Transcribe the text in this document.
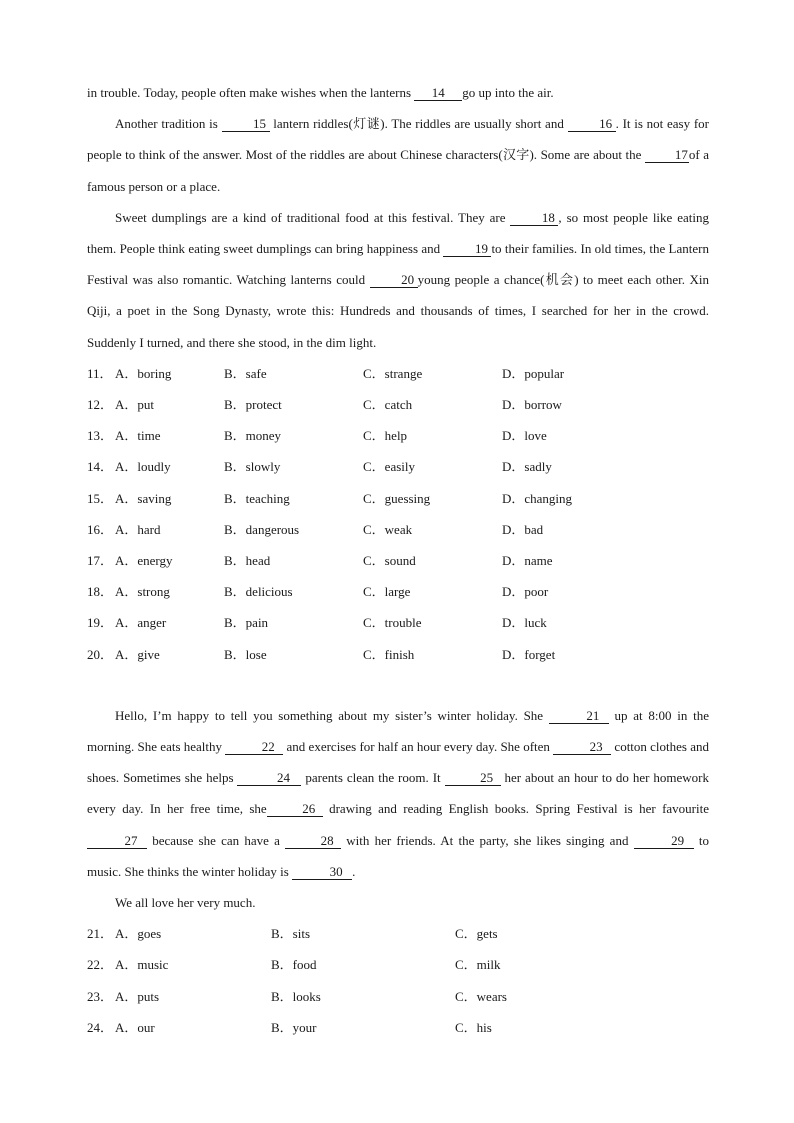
in trouble. Today, people often make wishes when the lanterns 14 go up into the air.

Another tradition is 15 lantern riddles(灯谜). The riddles are usually short and 16 . It is not easy for people to think of the answer. Most of the riddles are about Chinese characters(汉字). Some are about the 17of a famous person or a place.

Sweet dumplings are a kind of traditional food at this festival. They are 18 , so most people like eating them. People think eating sweet dumplings can bring happiness and 19 to their families. In old times, the Lantern Festival was also romantic. Watching lanterns could 20 young people a chance(机会) to meet each other. Xin Qiji, a poet in the Song Dynasty, wrote this: Hundreds and thousands of times, I searched for her in the crowd. Suddenly I turned, and there she stood, in the dim light.

11． A．boring	B．safe	C．strange	D．popular
12． A．put	B．protect	C．catch	D．borrow
13． A．time	B．money	C．help	D．love
14． A．loudly	B．slowly	C．easily	D．sadly
15． A．saving	B．teaching	C．guessing	D．changing
16． A．hard	B．dangerous	C．weak	D．bad
17． A．energy	B．head	C．sound	D．name
18． A．strong	B．delicious	C．large	D．poor
19． A．anger	B．pain	C．trouble	D．luck
20． A．give	B．lose	C．finish	D．forget

Hello, I’m happy to tell you something about my sister’s winter holiday. She	21 up at 8:00 in the morning. She eats healthy	22 and exercises for half an hour every day. She often	23 cotton clothes and shoes. Sometimes she helps	24 parents clean the room. It	25 her about an hour to do her homework every day. In her free time, she	26 drawing and reading English books. Spring Festival is her favourite 27 because she can have a	28 with her friends. At the party, she likes singing and	29 to music. She thinks the winter holiday is	30 .

We all love her very much.

21． A．goes	B．sits	C．gets
22． A．music	B．food	C．milk
23． A．puts	B．looks	C．wears
24． A．our	B．your	C．his
